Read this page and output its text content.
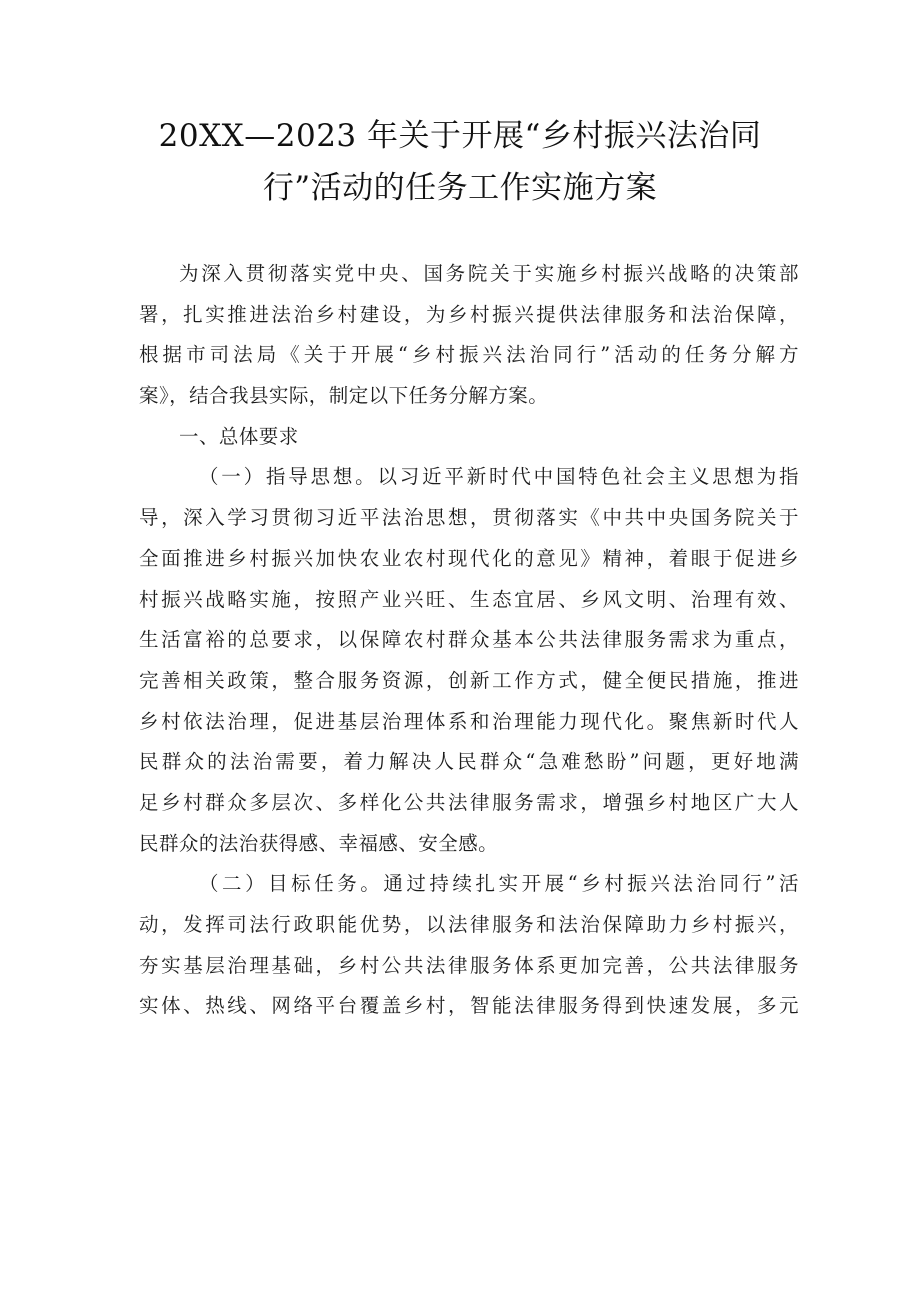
20XX—2023 年关于开展“乡村振兴法治同
行”活动的任务工作实施方案
为深入贯彻落实党中央、国务院关于实施乡村振兴战略的决策部
署，扎实推进法治乡村建设，为乡村振兴提供法律服务和法治保障，
根据市司法局《关于开展“乡村振兴法治同行”活动的任务分解方
案》，结合我县实际，制定以下任务分解方案。
一、总体要求
（一）指导思想。以习近平新时代中国特色社会主义思想为指
导，深入学习贯彻习近平法治思想，贯彻落实《中共中央国务院关于
全面推进乡村振兴加快农业农村现代化的意见》精神，着眼于促进乡
村振兴战略实施，按照产业兴旺、生态宜居、乡风文明、治理有效、
生活富裕的总要求，以保障农村群众基本公共法律服务需求为重点，
完善相关政策，整合服务资源，创新工作方式，健全便民措施，推进
乡村依法治理，促进基层治理体系和治理能力现代化。聚焦新时代人
民群众的法治需要，着力解决人民群众“急难愁盼”问题，更好地满
足乡村群众多层次、多样化公共法律服务需求，增强乡村地区广大人
民群众的法治获得感、幸福感、安全感。
（二）目标任务。通过持续扎实开展“乡村振兴法治同行”活
动，发挥司法行政职能优势，以法律服务和法治保障助力乡村振兴，
夯实基层治理基础，乡村公共法律服务体系更加完善，公共法律服务
实体、热线、网络平台覆盖乡村，智能法律服务得到快速发展，多元
